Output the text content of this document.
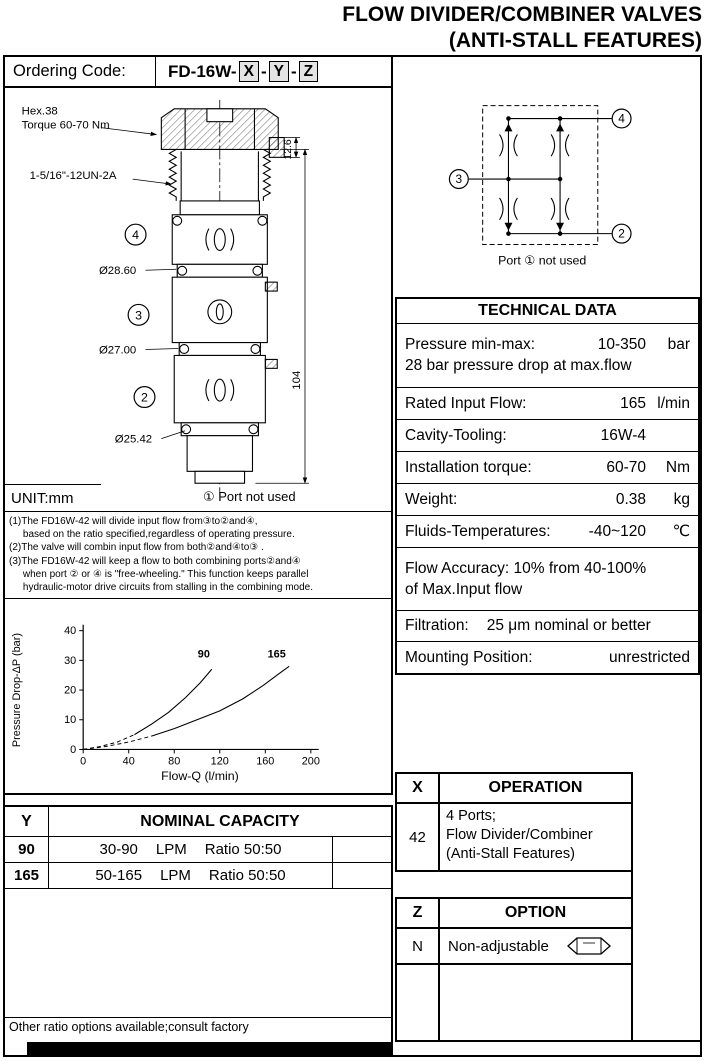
FLOW DIVIDER/COMBINER VALVES
(ANTI-STALL FEATURES)
Ordering Code:	FD-16W- X - Y - Z
4
3
2
Hex.38
Torque 60-70 Nm
1-5/16"-12UN-2A
Ø28.60
Ø27.00
Ø25.42
12.6
104
UNIT:mm	① Port not used
(1)The FD16W-42 will divide input flow from③to②and④,
based on the ratio specified,regardless of operating pressure.
(2)The valve will combin input flow from both②and④to③ .
(3)The FD16W-42 will keep a flow to both combining ports②and④
when port ② or ④ is "free-wheeling." This function keeps parallel
hydraulic-motor drive circuits from stalling in the combining mode.
Pressure Drop-ΔP (bar)
Flow-Q (l/min)
0	40	80	120 160 200
0
10
20
30
40
90	165
4
3
2
Port ① not used
TECHNICAL DATA
Pressure min-max:	10-350	bar
28 bar pressure drop at max.flow
Rated Input Flow:	165 l/min
Cavity-Tooling:	16W-4
Installation torque:	60-70	Nm
Weight:	0.38	kg
Fluids-Temperatures: -40~120	℃
Flow Accuracy: 10% from 40-100%
of Max.Input flow
Filtration: 25 μm nominal or better
Mounting Position:	unrestricted
X	OPERATION
42
4 Ports;
Flow Divider/Combiner
(Anti-Stall Features)
Z	OPTION
N	Non-adjustable
Y	NOMINAL CAPACITY
90	30-90 LPM Ratio 50:50
165	50-165 LPM Ratio 50:50
Other ratio options available;consult factory
